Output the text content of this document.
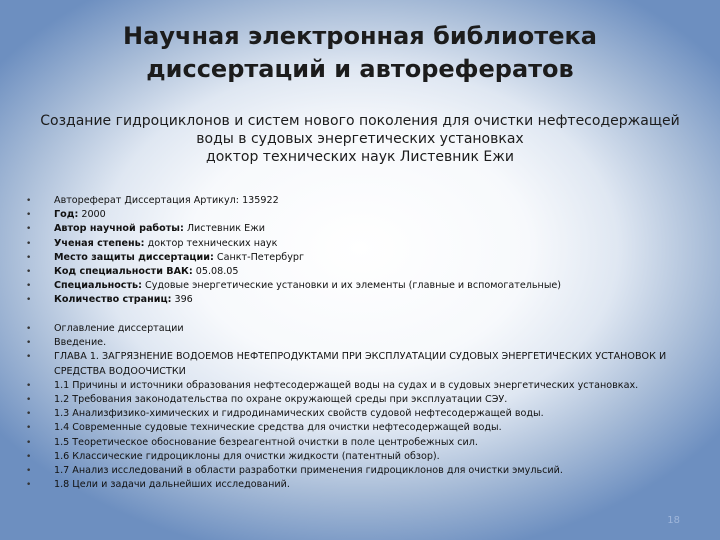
Научная электронная библиотека
диссертаций и авторефератов
Создание гидроциклонов и систем нового поколения для очистки нефтесодержащей
воды в судовых энергетических установках
доктор технических наук Листевник Ежи
• Автореферат Диссертация Артикул: 135922
• Год: 2000
• Автор научной работы: Листевник Ежи
• Ученая степень: доктор технических наук
• Место защиты диссертации: Санкт-Петербург
• Код специальности ВАК: 05.08.05
• Специальность: Судовые энергетические установки и их элементы (главные и вспомогательные)
• Количество cтраниц: 396
• Оглавление диссертации
• Введение.
• ГЛАВА 1. ЗАГРЯЗНЕНИЕ ВОДОЕМОВ НЕФТЕПРОДУКТАМИ ПРИ ЭКСПЛУАТАЦИИ СУДОВЫХ ЭНЕРГЕТИЧЕСКИХ УСТАНОВОК И СРЕДСТВА ВОДООЧИСТКИ
• 1.1 Причины и источники образования нефтесодержащей воды на судах и в судовых энергетических установках.
• 1.2 Требования законодательства по охране окружающей среды при эксплуатации СЭУ.
• 1.3 Анализфизико-химических и гидродинамических свойств судовой нефтесодержащей воды.
• 1.4 Современные судовые технические средства для очистки нефтесодержащей воды.
• 1.5 Теоретическое обоснование безреагентной очистки в поле центробежных сил.
• 1.6 Классические гидроциклоны для очистки жидкости (патентный обзор).
• 1.7 Анализ исследований в области разработки применения гидроциклонов для очистки эмульсий.
• 1.8 Цели и задачи дальнейших исследований.
18
